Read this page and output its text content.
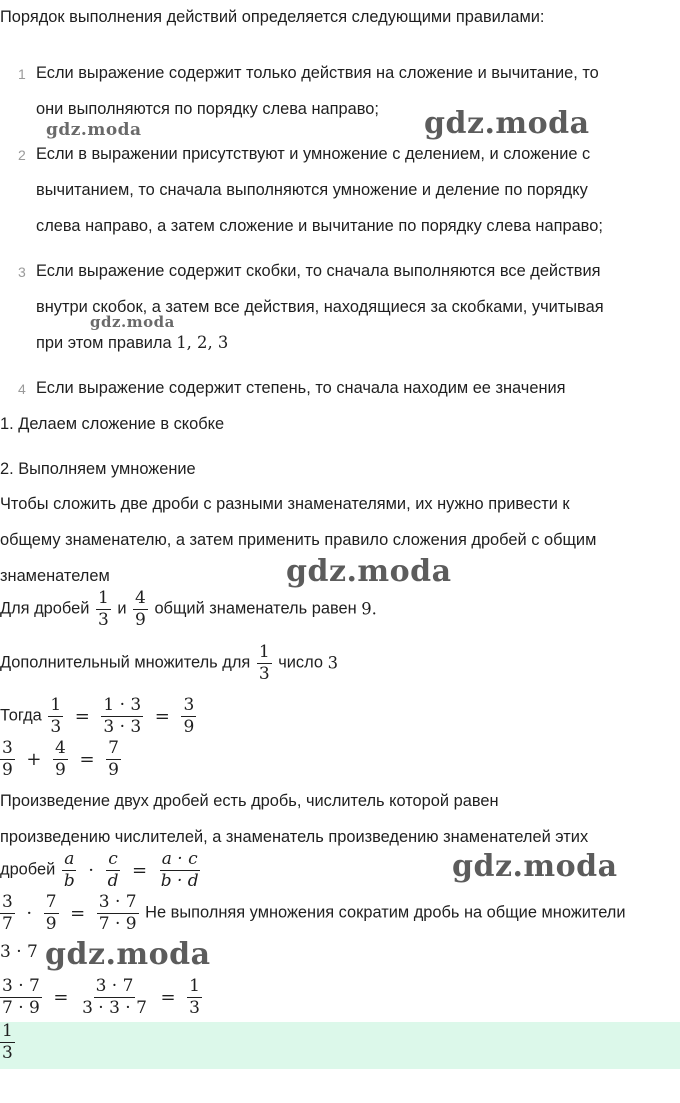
Порядок выполнения действий определяется следующими правилами:
1 Если выражение содержит только действия на сложение и вычитание, то
они выполняются по порядку слева направо;
2 Если в выражении присутствуют и умножение с делением, и сложение с
вычитанием, то сначала выполняются умножение и деление по порядку
слева направо, а затем сложение и вычитание по порядку слева направо;
3 Если выражение содержит скобки, то сначала выполняются все действия
внутри скобок, а затем все действия, находящиеся за скобками, учитывая
при этом правила 1, 2, 3
4 Если выражение содержит степень, то сначала находим ее значения
1. Делаем сложение в скобке
2. Выполняем умножение
Чтобы сложить две дроби с разными знаменателями, их нужно привести к
общему знаменателю, а затем применить правило сложения дробей с общим
знаменателем
Для дробей $\frac{1}{3}$ и $\frac{4}{9}$ общий знаменатель равен 9.
Дополнительный множитель для $\frac{1}{3}$ число 3
Тогда $\frac{1}{3} = \frac{1 \cdot 3}{3 \cdot 3} = \frac{3}{9}$
$\frac{3}{9} + \frac{4}{9} = \frac{7}{9}$
Произведение двух дробей есть дробь, числитель которой равен
произведению числителей, а знаменатель произведению знаменателей этих
дробей $\frac{a}{b} \cdot \frac{c}{d} = \frac{a \cdot c}{b \cdot d}$
$\frac{3}{7} \cdot \frac{7}{9} = \frac{3 \cdot 7}{7 \cdot 9}$ Не выполняя умножения сократим дробь на общие множители
3 · 7
$\frac{3 \cdot 7}{7 \cdot 9} = \frac{3 \cdot 7}{3 \cdot 3 \cdot 7} = \frac{1}{3}$
$\frac{1}{3}$
gdz.moda	gdz.moda
gdz.moda
gdz.moda
gdz.moda
gdz.moda
